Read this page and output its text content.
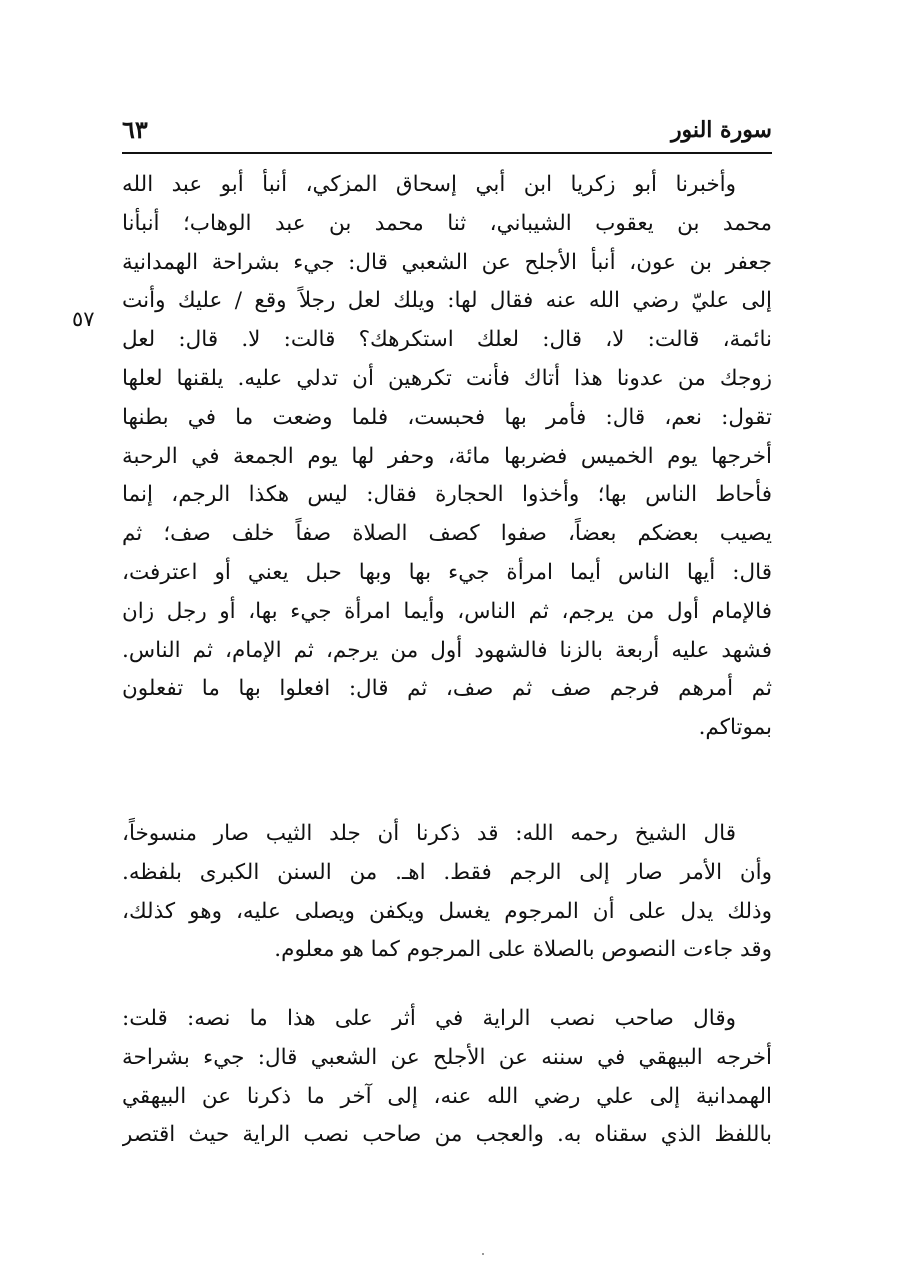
سورة النور
٦٣
٥٧
وأخبرنا أبو زكريا ابن أبي إسحاق المزكي، أنبأ أبو عبد الله
محمد بن يعقوب الشيباني، ثنا محمد بن عبد الوهاب؛ أنبأنا
جعفر بن عون، أنبأ الأجلح عن الشعبي قال: جيء بشراحة الهمدانية
إلى عليّ رضي الله عنه فقال لها: ويلك لعل رجلاً وقع / عليك وأنت
نائمة، قالت: لا، قال: لعلك استكرهك؟ قالت: لا. قال: لعل
زوجك من عدونا هذا أتاك فأنت تكرهين أن تدلي عليه. يلقنها لعلها
تقول: نعم، قال: فأمر بها فحبست، فلما وضعت ما في بطنها
أخرجها يوم الخميس فضربها مائة، وحفر لها يوم الجمعة في الرحبة
فأحاط الناس بها؛ وأخذوا الحجارة فقال: ليس هكذا الرجم، إنما
يصيب بعضكم بعضاً، صفوا كصف الصلاة صفاً خلف صف؛ ثم
قال: أيها الناس أيما امرأة جيء بها وبها حبل يعني أو اعترفت،
فالإمام أول من يرجم، ثم الناس، وأيما امرأة جيء بها، أو رجل زان
فشهد عليه أربعة بالزنا فالشهود أول من يرجم، ثم الإمام، ثم الناس.
ثم أمرهم فرجم صف ثم صف، ثم قال: افعلوا بها ما تفعلون
بموتاكم.
قال الشيخ رحمه الله: قد ذكرنا أن جلد الثيب صار منسوخاً،
وأن الأمر صار إلى الرجم فقط. اهـ. من السنن الكبرى بلفظه.
وذلك يدل على أن المرجوم يغسل ويكفن ويصلى عليه، وهو كذلك،
وقد جاءت النصوص بالصلاة على المرجوم كما هو معلوم.
وقال صاحب نصب الراية في أثر على هذا ما نصه: قلت:
أخرجه البيهقي في سننه عن الأجلح عن الشعبي قال: جيء بشراحة
الهمدانية إلى علي رضي الله عنه، إلى آخر ما ذكرنا عن البيهقي
باللفظ الذي سقناه به. والعجب من صاحب نصب الراية حيث اقتصر
